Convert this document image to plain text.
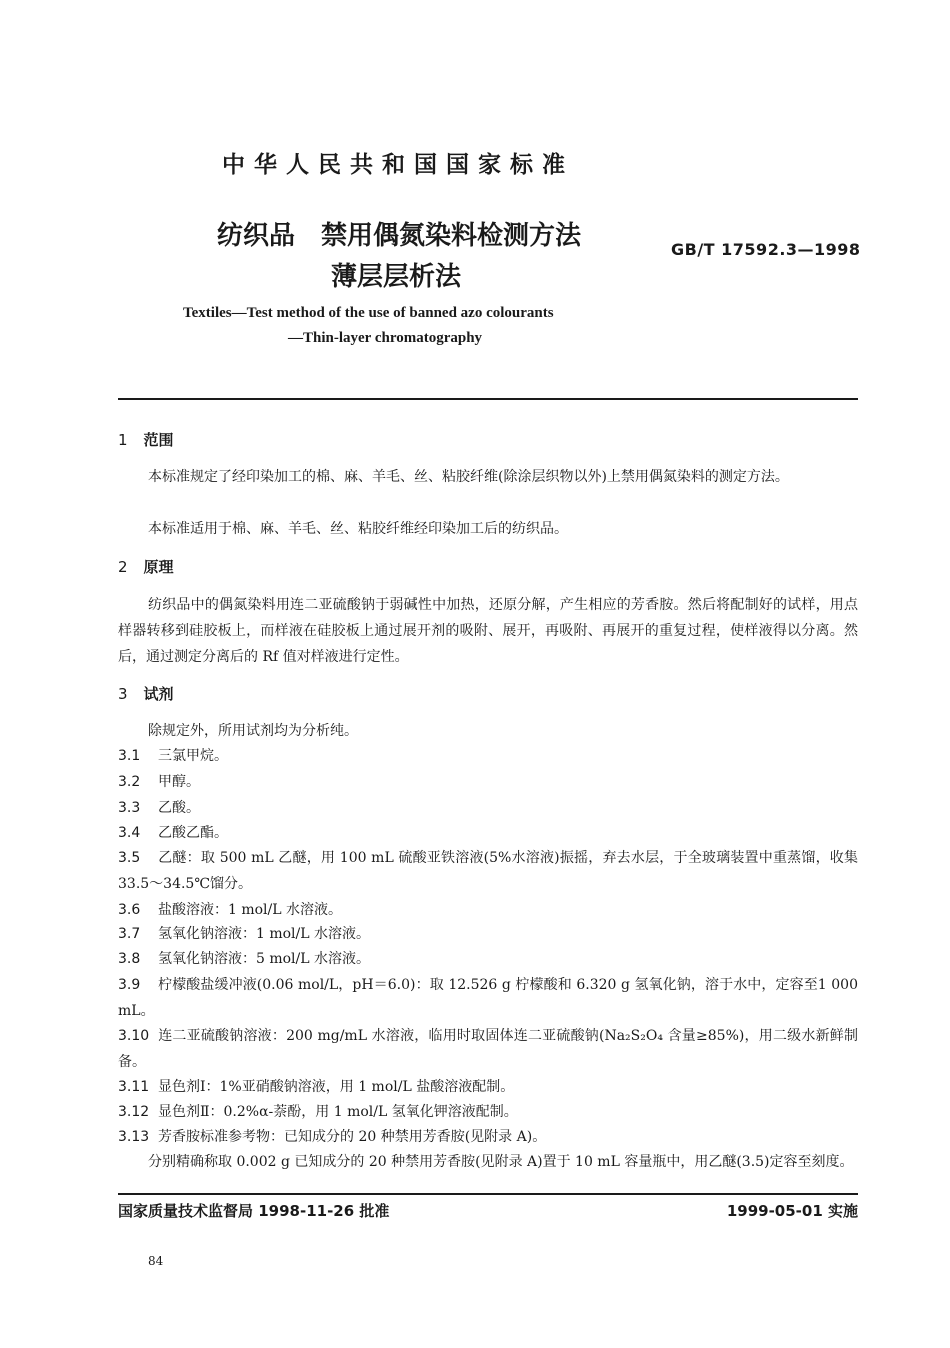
中华人民共和国国家标准
纺织品　禁用偶氮染料检测方法
薄层层析法
GB/T 17592.3—1998
Textiles—Test method of the use of banned azo colourants
—Thin-layer chromatography
1 范围
本标准规定了经印染加工的棉、麻、羊毛、丝、粘胶纤维(除涂层织物以外)上禁用偶氮染料的测定方法。
本标准适用于棉、麻、羊毛、丝、粘胶纤维经印染加工后的纺织品。
2 原理
纺织品中的偶氮染料用连二亚硫酸钠于弱碱性中加热，还原分解，产生相应的芳香胺。然后将配制好的试样，用点样器转移到硅胶板上，而样液在硅胶板上通过展开剂的吸附、展开，再吸附、再展开的重复过程，使样液得以分离。然后，通过测定分离后的 Rf 值对样液进行定性。
3 试剂
除规定外，所用试剂均为分析纯。
3.1 三氯甲烷。
3.2 甲醇。
3.3 乙酸。
3.4 乙酸乙酯。
3.5 乙醚：取 500 mL 乙醚，用 100 mL 硫酸亚铁溶液(5%水溶液)振摇，弃去水层，于全玻璃装置中重蒸馏，收集 33.5～34.5℃馏分。
3.6 盐酸溶液：1 mol/L 水溶液。
3.7 氢氧化钠溶液：1 mol/L 水溶液。
3.8 氢氧化钠溶液：5 mol/L 水溶液。
3.9 柠檬酸盐缓冲液(0.06 mol/L，pH＝6.0)：取 12.526 g 柠檬酸和 6.320 g 氢氧化钠，溶于水中，定容至1 000 mL。
3.10 连二亚硫酸钠溶液：200 mg/mL 水溶液，临用时取固体连二亚硫酸钠(Na₂S₂O₄ 含量≥85%)，用二级水新鲜制备。
3.11 显色剂Ⅰ：1%亚硝酸钠溶液，用 1 mol/L 盐酸溶液配制。
3.12 显色剂Ⅱ：0.2%α-萘酚，用 1 mol/L 氢氧化钾溶液配制。
3.13 芳香胺标准参考物：已知成分的 20 种禁用芳香胺(见附录 A)。
分别精确称取 0.002 g 已知成分的 20 种禁用芳香胺(见附录 A)置于 10 mL 容量瓶中，用乙醚(3.5)定容至刻度。
国家质量技术监督局 1998-11-26 批准	1999-05-01 实施
84
